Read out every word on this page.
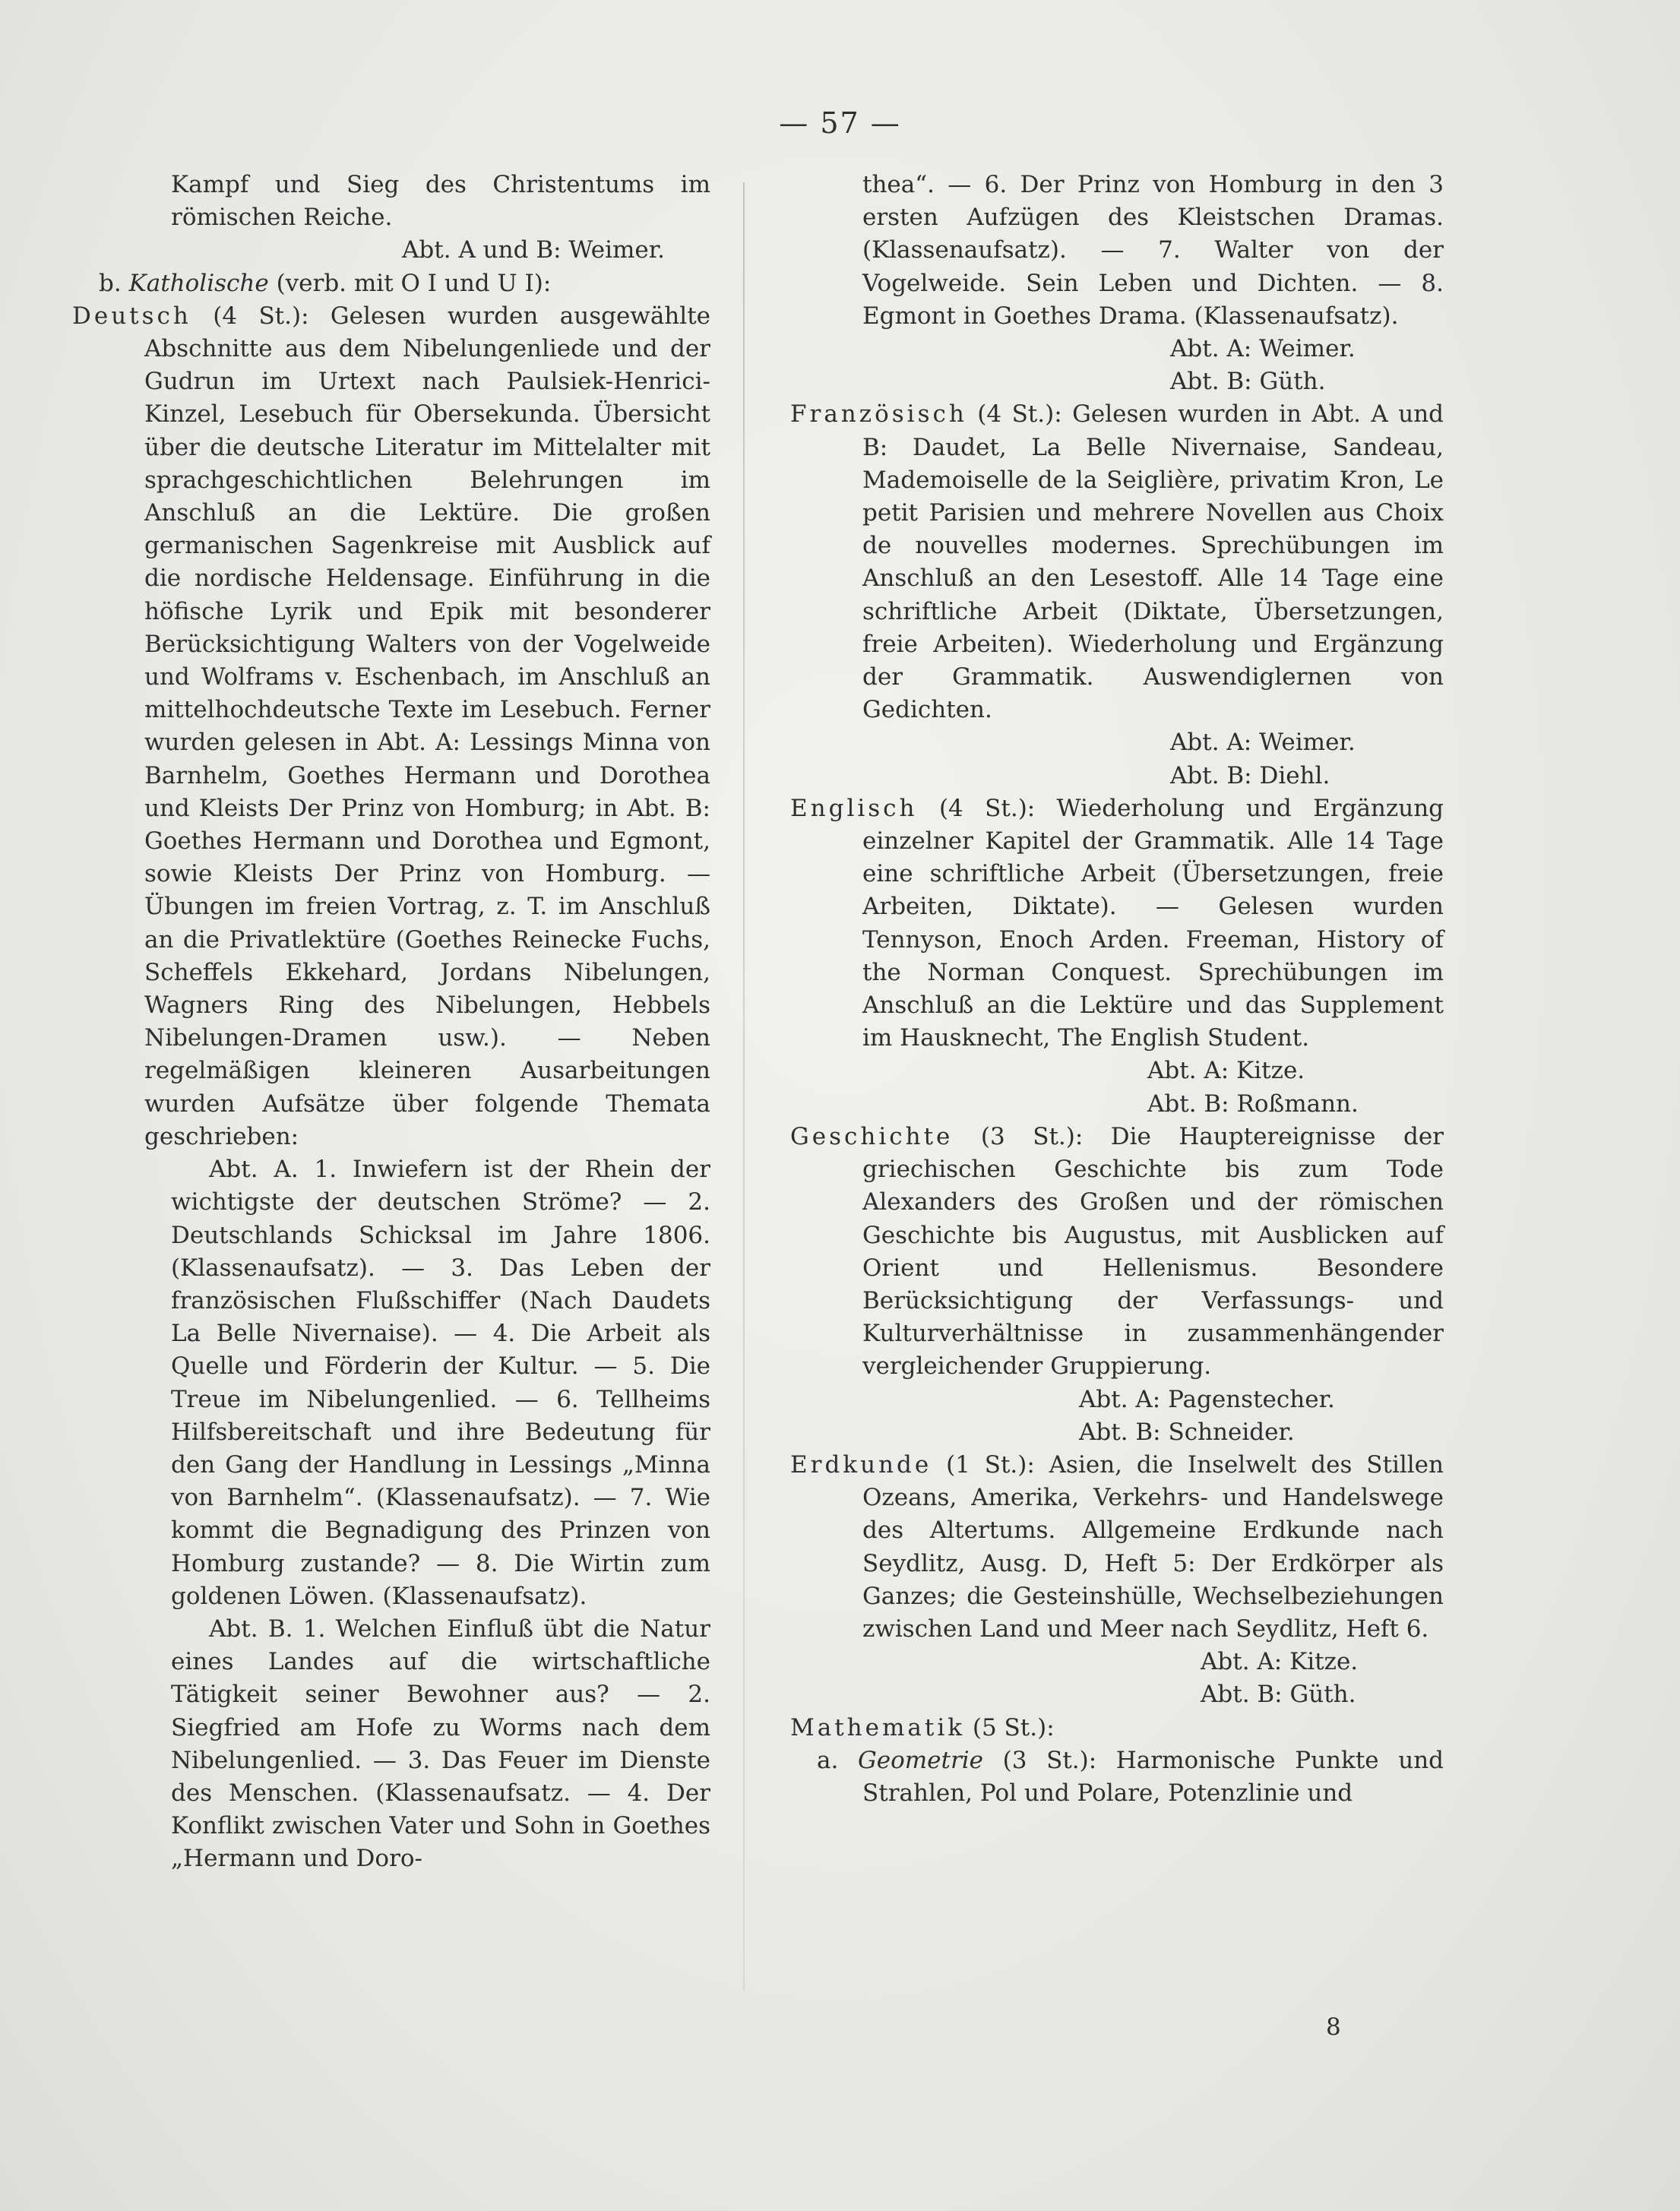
— 57 —

Kampf und Sieg des Christentums im römischen Reiche.

Abt. A und B: Weimer.

b. Katholische (verb. mit O I und U I):

Deutsch (4 St.): Gelesen wurden ausgewählte Abschnitte aus dem Nibelungenliede und der Gudrun im Urtext nach Paulsiek-Henrici-Kinzel, Lesebuch für Obersekunda. Übersicht über die deutsche Literatur im Mittelalter mit sprachgeschichtlichen Belehrungen im Anschluß an die Lektüre. Die großen germanischen Sagenkreise mit Ausblick auf die nordische Heldensage. Einführung in die höfische Lyrik und Epik mit besonderer Berücksichtigung Walters von der Vogelweide und Wolframs v. Eschenbach, im Anschluß an mittelhochdeutsche Texte im Lesebuch. Ferner wurden gelesen in Abt. A: Lessings Minna von Barnhelm, Goethes Hermann und Dorothea und Kleists Der Prinz von Homburg; in Abt. B: Goethes Hermann und Dorothea und Egmont, sowie Kleists Der Prinz von Homburg. — Übungen im freien Vortrag, z. T. im Anschluß an die Privatlektüre (Goethes Reinecke Fuchs, Scheffels Ekkehard, Jordans Nibelungen, Wagners Ring des Nibelungen, Hebbels Nibelungen-Dramen usw.). — Neben regelmäßigen kleineren Ausarbeitungen wurden Aufsätze über folgende Themata geschrieben:

Abt. A. 1. Inwiefern ist der Rhein der wichtigste der deutschen Ströme? — 2. Deutschlands Schicksal im Jahre 1806. (Klassenaufsatz). — 3. Das Leben der französischen Flußschiffer (Nach Daudets La Belle Nivernaise). — 4. Die Arbeit als Quelle und Förderin der Kultur. — 5. Die Treue im Nibelungenlied. — 6. Tellheims Hilfsbereitschaft und ihre Bedeutung für den Gang der Handlung in Lessings „Minna von Barnhelm“. (Klassenaufsatz). — 7. Wie kommt die Begnadigung des Prinzen von Homburg zustande? — 8. Die Wirtin zum goldenen Löwen. (Klassenaufsatz).

Abt. B. 1. Welchen Einfluß übt die Natur eines Landes auf die wirtschaftliche Tätigkeit seiner Bewohner aus? — 2. Siegfried am Hofe zu Worms nach dem Nibelungenlied. — 3. Das Feuer im Dienste des Menschen. (Klassenaufsatz. — 4. Der Konflikt zwischen Vater und Sohn in Goethes „Hermann und Doro-

thea“. — 6. Der Prinz von Homburg in den 3 ersten Aufzügen des Kleistschen Dramas. (Klassenaufsatz). — 7. Walter von der Vogelweide. Sein Leben und Dichten. — 8. Egmont in Goethes Drama. (Klassenaufsatz).

Abt. A: Weimer.

Abt. B: Güth.

Französisch (4 St.): Gelesen wurden in Abt. A und B: Daudet, La Belle Nivernaise, Sandeau, Mademoiselle de la Seiglière, privatim Kron, Le petit Parisien und mehrere Novellen aus Choix de nouvelles modernes. Sprechübungen im Anschluß an den Lesestoff. Alle 14 Tage eine schriftliche Arbeit (Diktate, Übersetzungen, freie Arbeiten). Wiederholung und Ergänzung der Grammatik. Auswendiglernen von Gedichten.

Abt. A: Weimer.

Abt. B: Diehl.

Englisch (4 St.): Wiederholung und Ergänzung einzelner Kapitel der Grammatik. Alle 14 Tage eine schriftliche Arbeit (Übersetzungen, freie Arbeiten, Diktate). — Gelesen wurden Tennyson, Enoch Arden. Freeman, History of the Norman Conquest. Sprechübungen im Anschluß an die Lektüre und das Supplement im Hausknecht, The English Student.

Abt. A: Kitze.

Abt. B: Roßmann.

Geschichte (3 St.): Die Hauptereignisse der griechischen Geschichte bis zum Tode Alexanders des Großen und der römischen Geschichte bis Augustus, mit Ausblicken auf Orient und Hellenismus. Besondere Berücksichtigung der Verfassungs- und Kulturverhältnisse in zusammenhängender vergleichender Gruppierung.

Abt. A: Pagenstecher.

Abt. B: Schneider.

Erdkunde (1 St.): Asien, die Inselwelt des Stillen Ozeans, Amerika, Verkehrs- und Handelswege des Altertums. Allgemeine Erdkunde nach Seydlitz, Ausg. D, Heft 5: Der Erdkörper als Ganzes; die Gesteinshülle, Wechselbeziehungen zwischen Land und Meer nach Seydlitz, Heft 6.

Abt. A: Kitze.

Abt. B: Güth.

Mathematik (5 St.):

a. Geometrie (3 St.): Harmonische Punkte und Strahlen, Pol und Polare, Potenzlinie und

8
